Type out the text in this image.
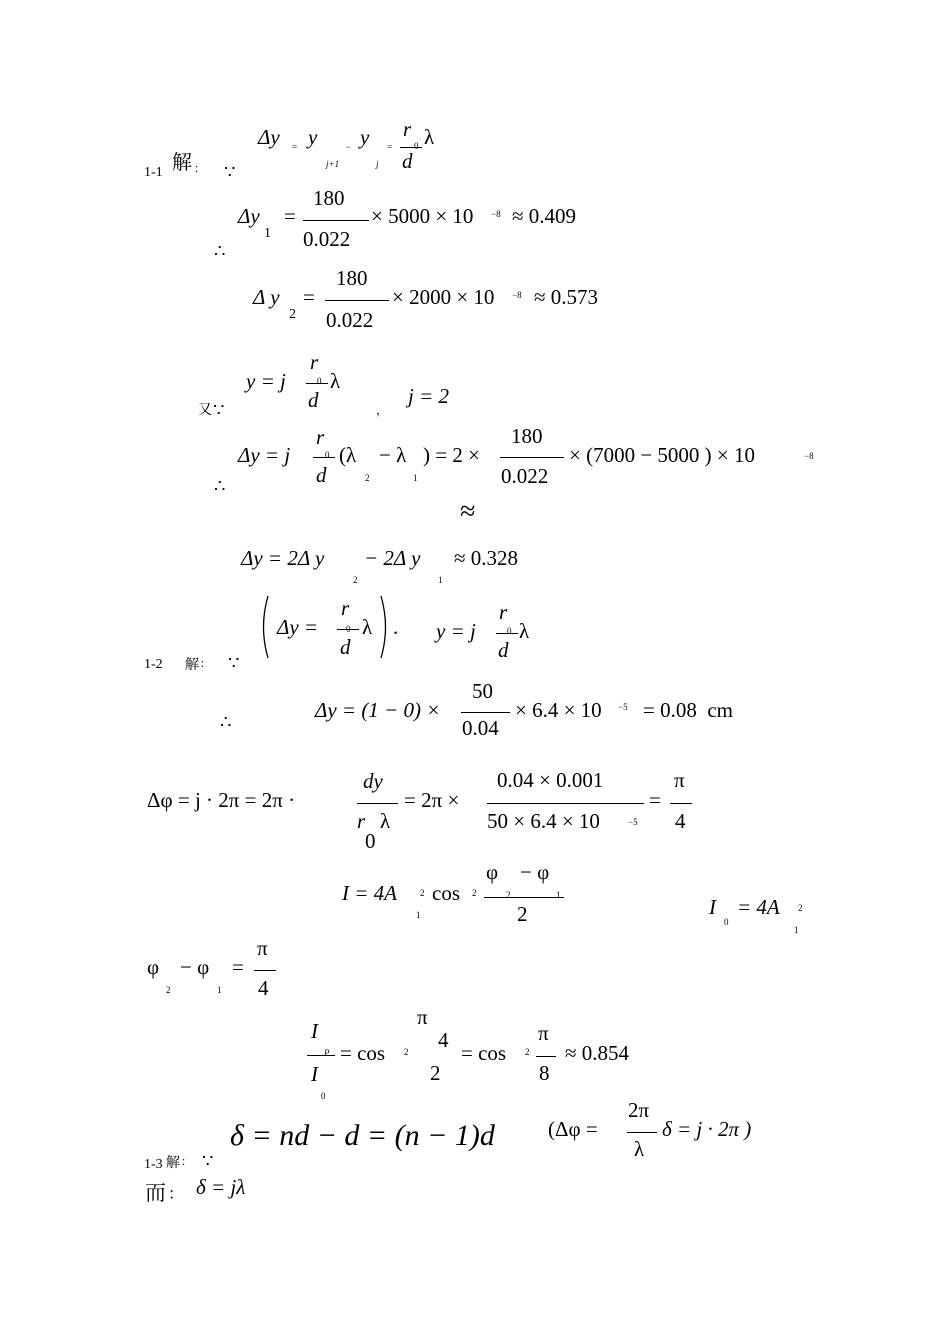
Δy = y
j+1
− y
j
=
r
0
d
λ
1-1 解 ： ∵
Δy
1
=
180
0.022
× 5000 × 10 −8 ≈ 0.409
∴
Δ y
2
=
180
0.022
× 2000 × 10 −8 ≈ 0.573
y = j
r
0
d
λ
又 ∵	，
j = 2
Δy = j
r
0
d
(λ
2
− λ
1
) = 2 ×
180
0.022
× (7000 − 5000 ) × 10	−8
∴
≈
Δy = 2Δ y
2
− 2Δ y
1
≈ 0.328
Δy =
r
0
d
λ . y = j
r
0
d
λ
1-2 解 ： ∵
Δy = (1 − 0) ×
50
0.04
× 6.4 × 10 −5 = 0.08  cm
∴
Δφ = j · 2π = 2π ·
dy
r λ
0
= 2π ×
0.04 × 0.001
50 × 6.4 × 10	−5
=
π
4
I = 4A	2
1
cos 2
φ
2
− φ
1
2	I
0
= 4A 2
1
φ
2
− φ
1
=
π
4
I
P
I
0
= cos 2
π
4
2
= cos 2
π
8
≈ 0.854
δ = nd − d = (n − 1)d	(Δφ =
2π
λ
δ = j · 2π )
1-3 解 ： ∵
而 ： δ = jλ
